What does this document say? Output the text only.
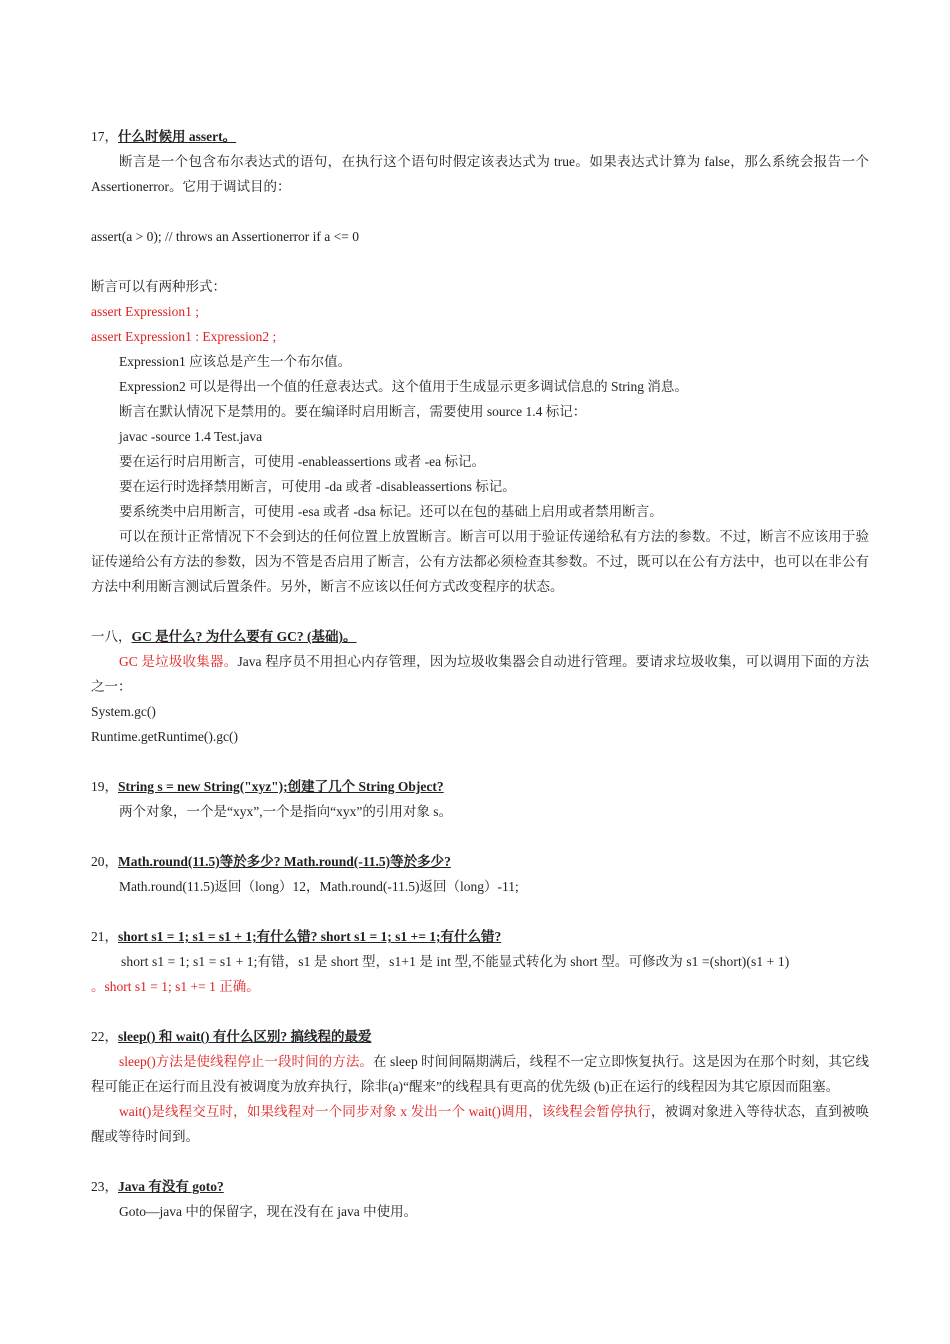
17，什么时候用 assert。
断言是一个包含布尔表达式的语句，在执行这个语句时假定该表达式为 true。如果表达式计算为 false，那么系统会报告一个 Assertionerror。它用于调试目的：
assert(a > 0); // throws an Assertionerror if a <= 0
断言可以有两种形式：
assert Expression1 ;
assert Expression1 : Expression2 ;
Expression1 应该总是产生一个布尔值。
Expression2 可以是得出一个值的任意表达式。这个值用于生成显示更多调试信息的 String 消息。
断言在默认情况下是禁用的。要在编译时启用断言，需要使用 source 1.4 标记：
javac -source 1.4 Test.java
要在运行时启用断言，可使用 -enableassertions 或者 -ea 标记。
要在运行时选择禁用断言，可使用 -da 或者 -disableassertions 标记。
要系统类中启用断言，可使用 -esa 或者 -dsa 标记。还可以在包的基础上启用或者禁用断言。
可以在预计正常情况下不会到达的任何位置上放置断言。断言可以用于验证传递给私有方法的参数。不过，断言不应该用于验证传递给公有方法的参数，因为不管是否启用了断言，公有方法都必须检查其参数。不过，既可以在公有方法中，也可以在非公有方法中利用断言测试后置条件。另外，断言不应该以任何方式改变程序的状态。
一八，GC 是什么? 为什么要有 GC? (基础)。
GC 是垃圾收集器。Java 程序员不用担心内存管理，因为垃圾收集器会自动进行管理。要请求垃圾收集，可以调用下面的方法之一：
System.gc()
Runtime.getRuntime().gc()
19，String s = new String("xyz");创建了几个 String Object?
两个对象，一个是“xyx”,一个是指向“xyx”的引用对象 s。
20，Math.round(11.5)等於多少? Math.round(-11.5)等於多少?
Math.round(11.5)返回（long）12，Math.round(-11.5)返回（long）-11;
21，short s1 = 1; s1 = s1 + 1;有什么错? short s1 = 1; s1 += 1;有什么错?
short s1 = 1; s1 = s1 + 1;有错，s1 是 short 型，s1+1 是 int 型,不能显式转化为 short 型。可修改为 s1 =(short)(s1 + 1)
。short s1 = 1; s1 += 1 正确。
22，sleep() 和 wait() 有什么区别? 搞线程的最爱
sleep()方法是使线程停止一段时间的方法。在 sleep 时间间隔期满后，线程不一定立即恢复执行。这是因为在那个时刻，其它线程可能正在运行而且没有被调度为放弃执行，除非(a)“醒来”的线程具有更高的优先级 (b)正在运行的线程因为其它原因而阻塞。
wait()是线程交互时，如果线程对一个同步对象 x 发出一个 wait()调用，该线程会暂停执行，被调对象进入等待状态，直到被唤醒或等待时间到。
23，Java 有没有 goto?
Goto—java 中的保留字，现在没有在 java 中使用。
